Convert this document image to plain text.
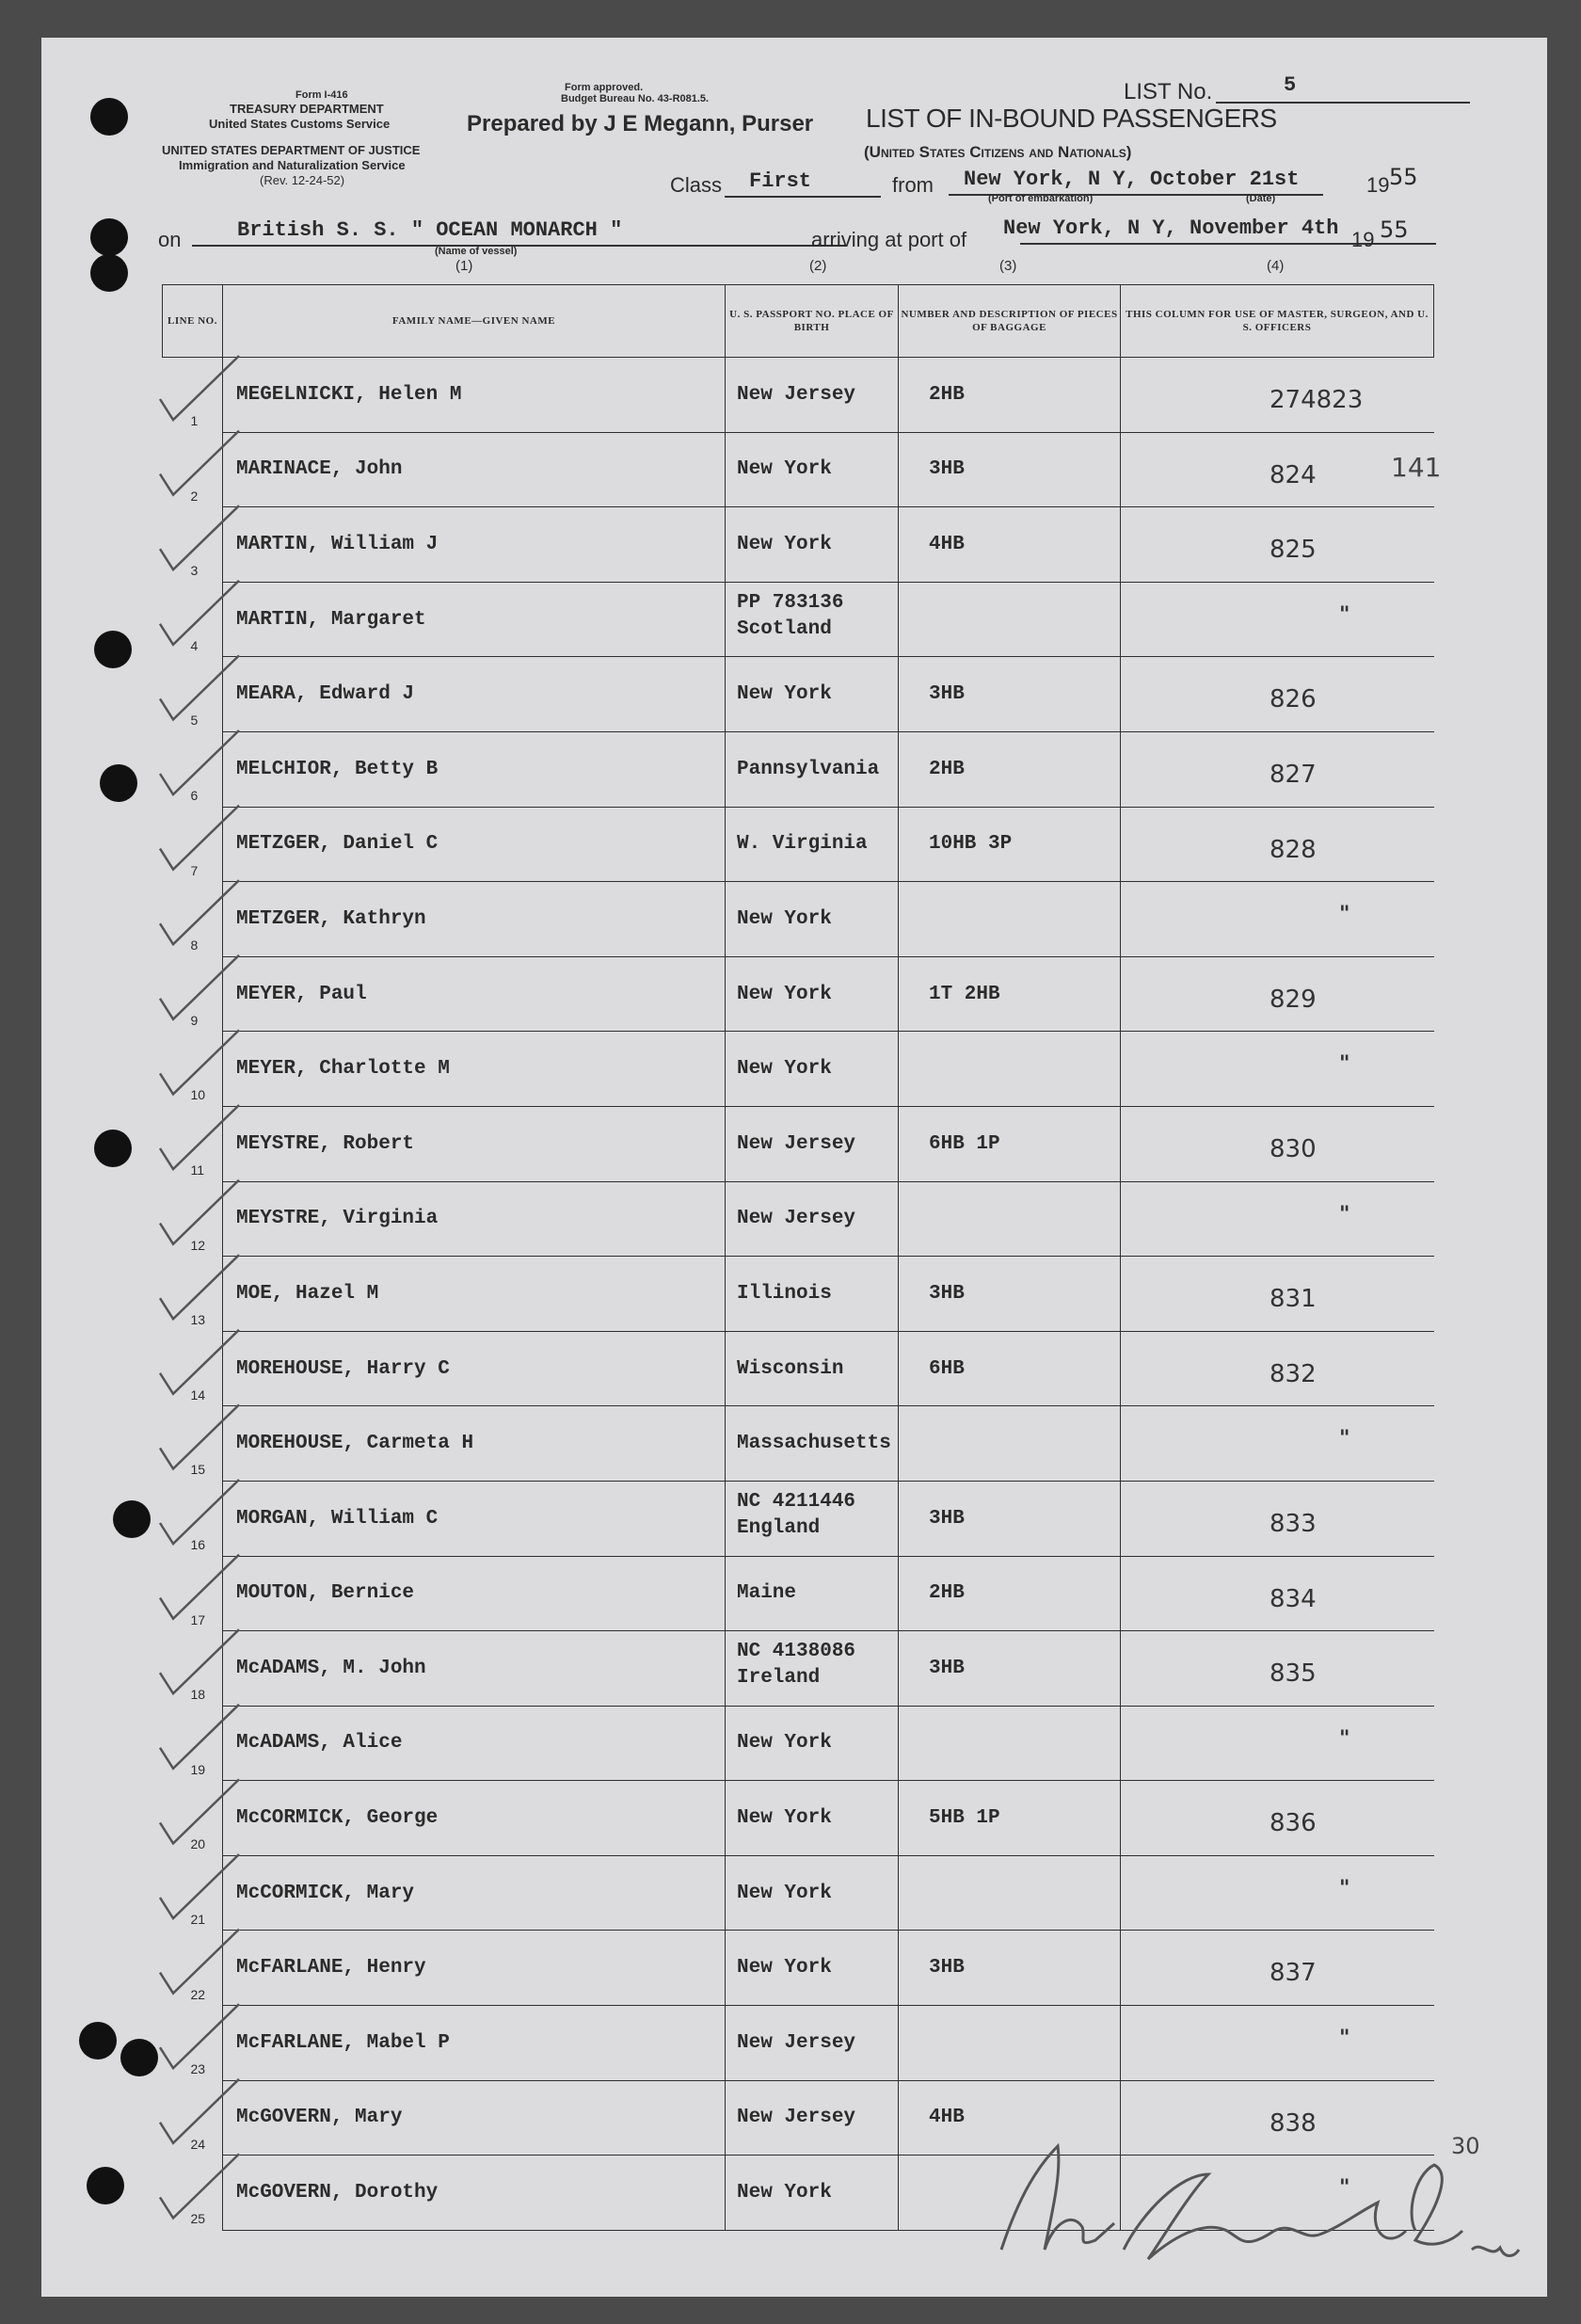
Form I-416
TREASURY DEPARTMENT
United States Customs Service
UNITED STATES DEPARTMENT OF JUSTICE
Immigration and Naturalization Service
(Rev. 12-24-52)
Form approved.
Budget Bureau No. 43-R081.5.
Prepared by J E Megann, Purser
LIST No.	5
LIST OF IN-BOUND PASSENGERS
(United States Citizens and Nationals)
Class First	from New York, N Y, October 21st
(Port of embarkation)	(Date)
19 55
on	British S. S. " OCEAN MONARCH "
(Name of vessel)	arriving at port of New York, N Y, November 4th 19 55
(1)	(2)	(3)	(4)
LINE NO.	FAMILY NAME—GIVEN NAME	U. S. PASSPORT NO. PLACE OF BIRTH	NUMBER AND DESCRIPTION OF PIECES OF BAGGAGE	THIS COLUMN FOR USE OF MASTER, SURGEON, AND U. S. OFFICERS

1	MEGELNICKI, Helen M	New Jersey	2HB	274823

2	MARINACE, John	New York	3HB	824

3	MARTIN, William J	New York	4HB	825

4	MARTIN, Margaret	PP 783136
Scotland		"

5	MEARA, Edward J	New York	3HB	826

6	MELCHIOR, Betty B	Pannsylvania	2HB	827

7	METZGER, Daniel C	W. Virginia	10HB 3P	828

8	METZGER, Kathryn	New York		"

9	MEYER, Paul	New York	1T 2HB	829

10	MEYER, Charlotte M	New York		"

11	MEYSTRE, Robert	New Jersey	6HB 1P	830

12	MEYSTRE, Virginia	New Jersey		"

13	MOE, Hazel M	Illinois	3HB	831

14	MOREHOUSE, Harry C	Wisconsin	6HB	832

15	MOREHOUSE, Carmeta H	Massachusetts		"

16	MORGAN, William C	NC 4211446
England	3HB	833

17	MOUTON, Bernice	Maine	2HB	834

18	McADAMS, M. John	NC 4138086
Ireland	3HB	835

19	McADAMS, Alice	New York		"

20	McCORMICK, George	New York	5HB 1P	836

21	McCORMICK, Mary	New York		"

22	McFARLANE, Henry	New York	3HB	837

23	McFARLANE, Mabel P	New Jersey		"

24	McGOVERN, Mary	New Jersey	4HB	838

25	McGOVERN, Dorothy	New York		"
141
30
